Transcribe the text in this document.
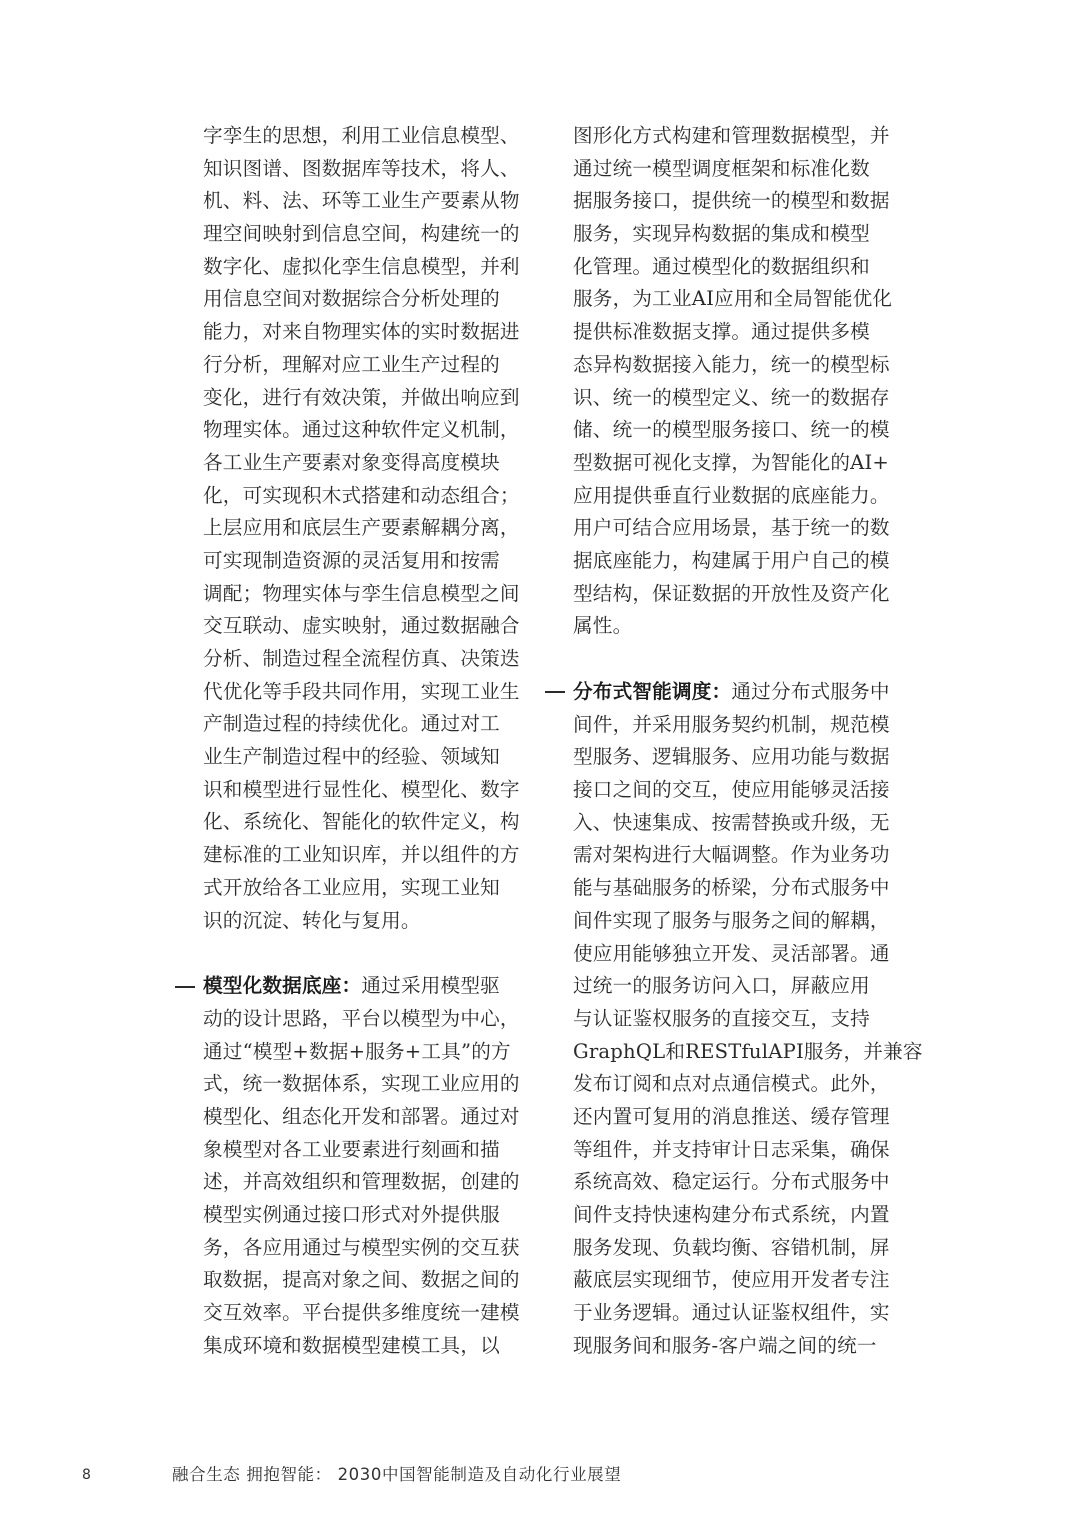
字孪生的思想，利用工业信息模型、
知识图谱、图数据库等技术，将人、
机、料、法、环等工业生产要素从物
理空间映射到信息空间，构建统一的
数字化、虚拟化孪生信息模型，并利
用信息空间对数据综合分析处理的
能力，对来自物理实体的实时数据进
行分析，理解对应工业生产过程的
变化，进行有效决策，并做出响应到
物理实体。通过这种软件定义机制，
各工业生产要素对象变得高度模块
化，可实现积木式搭建和动态组合；
上层应用和底层生产要素解耦分离，
可实现制造资源的灵活复用和按需
调配；物理实体与孪生信息模型之间
交互联动、虚实映射，通过数据融合
分析、制造过程全流程仿真、决策迭
代优化等手段共同作用，实现工业生
产制造过程的持续优化。通过对工
业生产制造过程中的经验、领域知
识和模型进行显性化、模型化、数字
化、系统化、智能化的软件定义，构
建标准的工业知识库，并以组件的方
式开放给各工业应用，实现工业知
识的沉淀、转化与复用。
模型化数据底座：通过采用模型驱
动的设计思路，平台以模型为中心，
通过“模型+数据+服务+工具”的方
式，统一数据体系，实现工业应用的
模型化、组态化开发和部署。通过对
象模型对各工业要素进行刻画和描
述，并高效组织和管理数据，创建的
模型实例通过接口形式对外提供服
务，各应用通过与模型实例的交互获
取数据，提高对象之间、数据之间的
交互效率。平台提供多维度统一建模
集成环境和数据模型建模工具，以
图形化方式构建和管理数据模型，并
通过统一模型调度框架和标准化数
据服务接口，提供统一的模型和数据
服务，实现异构数据的集成和模型
化管理。通过模型化的数据组织和
服务，为工业AI应用和全局智能优化
提供标准数据支撑。通过提供多模
态异构数据接入能力，统一的模型标
识、统一的模型定义、统一的数据存
储、统一的模型服务接口、统一的模
型数据可视化支撑，为智能化的AI+
应用提供垂直行业数据的底座能力。
用户可结合应用场景，基于统一的数
据底座能力，构建属于用户自己的模
型结构，保证数据的开放性及资产化
属性。
分布式智能调度：通过分布式服务中
间件，并采用服务契约机制，规范模
型服务、逻辑服务、应用功能与数据
接口之间的交互，使应用能够灵活接
入、快速集成、按需替换或升级，无
需对架构进行大幅调整。作为业务功
能与基础服务的桥梁，分布式服务中
间件实现了服务与服务之间的解耦，
使应用能够独立开发、灵活部署。通
过统一的服务访问入口，屏蔽应用
与认证鉴权服务的直接交互，支持
GraphQL和RESTfulAPI服务，并兼容
发布订阅和点对点通信模式。此外，
还内置可复用的消息推送、缓存管理
等组件，并支持审计日志采集，确保
系统高效、稳定运行。分布式服务中
间件支持快速构建分布式系统，内置
服务发现、负载均衡、容错机制，屏
蔽底层实现细节，使应用开发者专注
于业务逻辑。通过认证鉴权组件，实
现服务间和服务-客户端之间的统一
8	融合生态 拥抱智能： 2030中国智能制造及自动化行业展望
